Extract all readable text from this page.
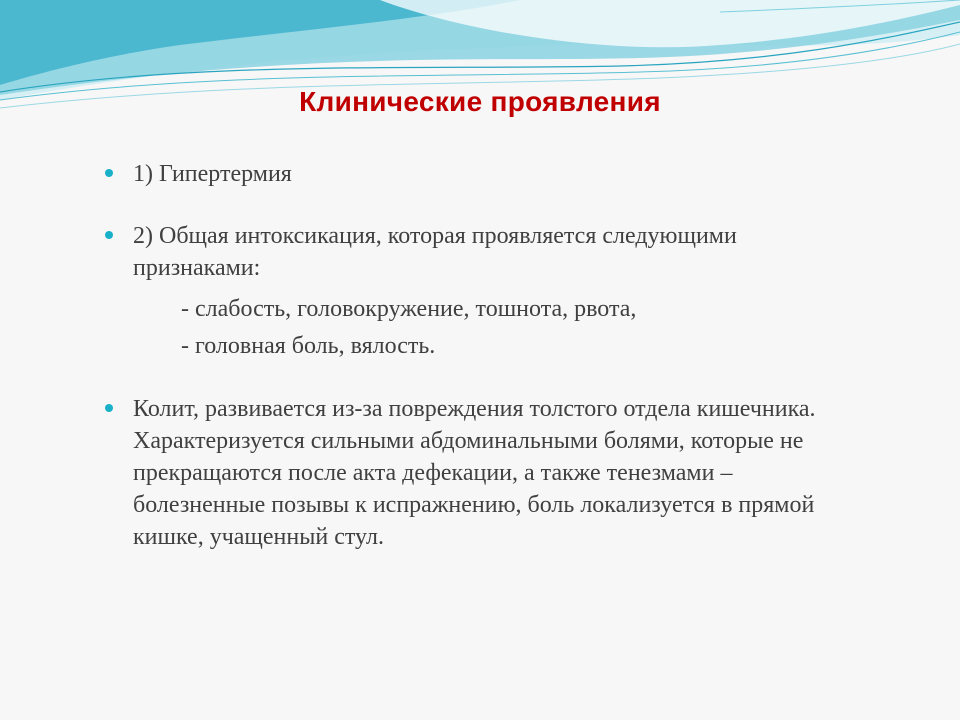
Клинические проявления
1) Гипертермия
2) Общая интоксикация, которая проявляется следующими
признаками:
- слабость, головокружение, тошнота, рвота,
- головная боль, вялость.
Колит, развивается из-за повреждения толстого отдела кишечника.
Характеризуется сильными абдоминальными болями, которые не
прекращаются после акта дефекации, а также тенезмами –
болезненные позывы к испражнению, боль локализуется в прямой
кишке, учащенный стул.
